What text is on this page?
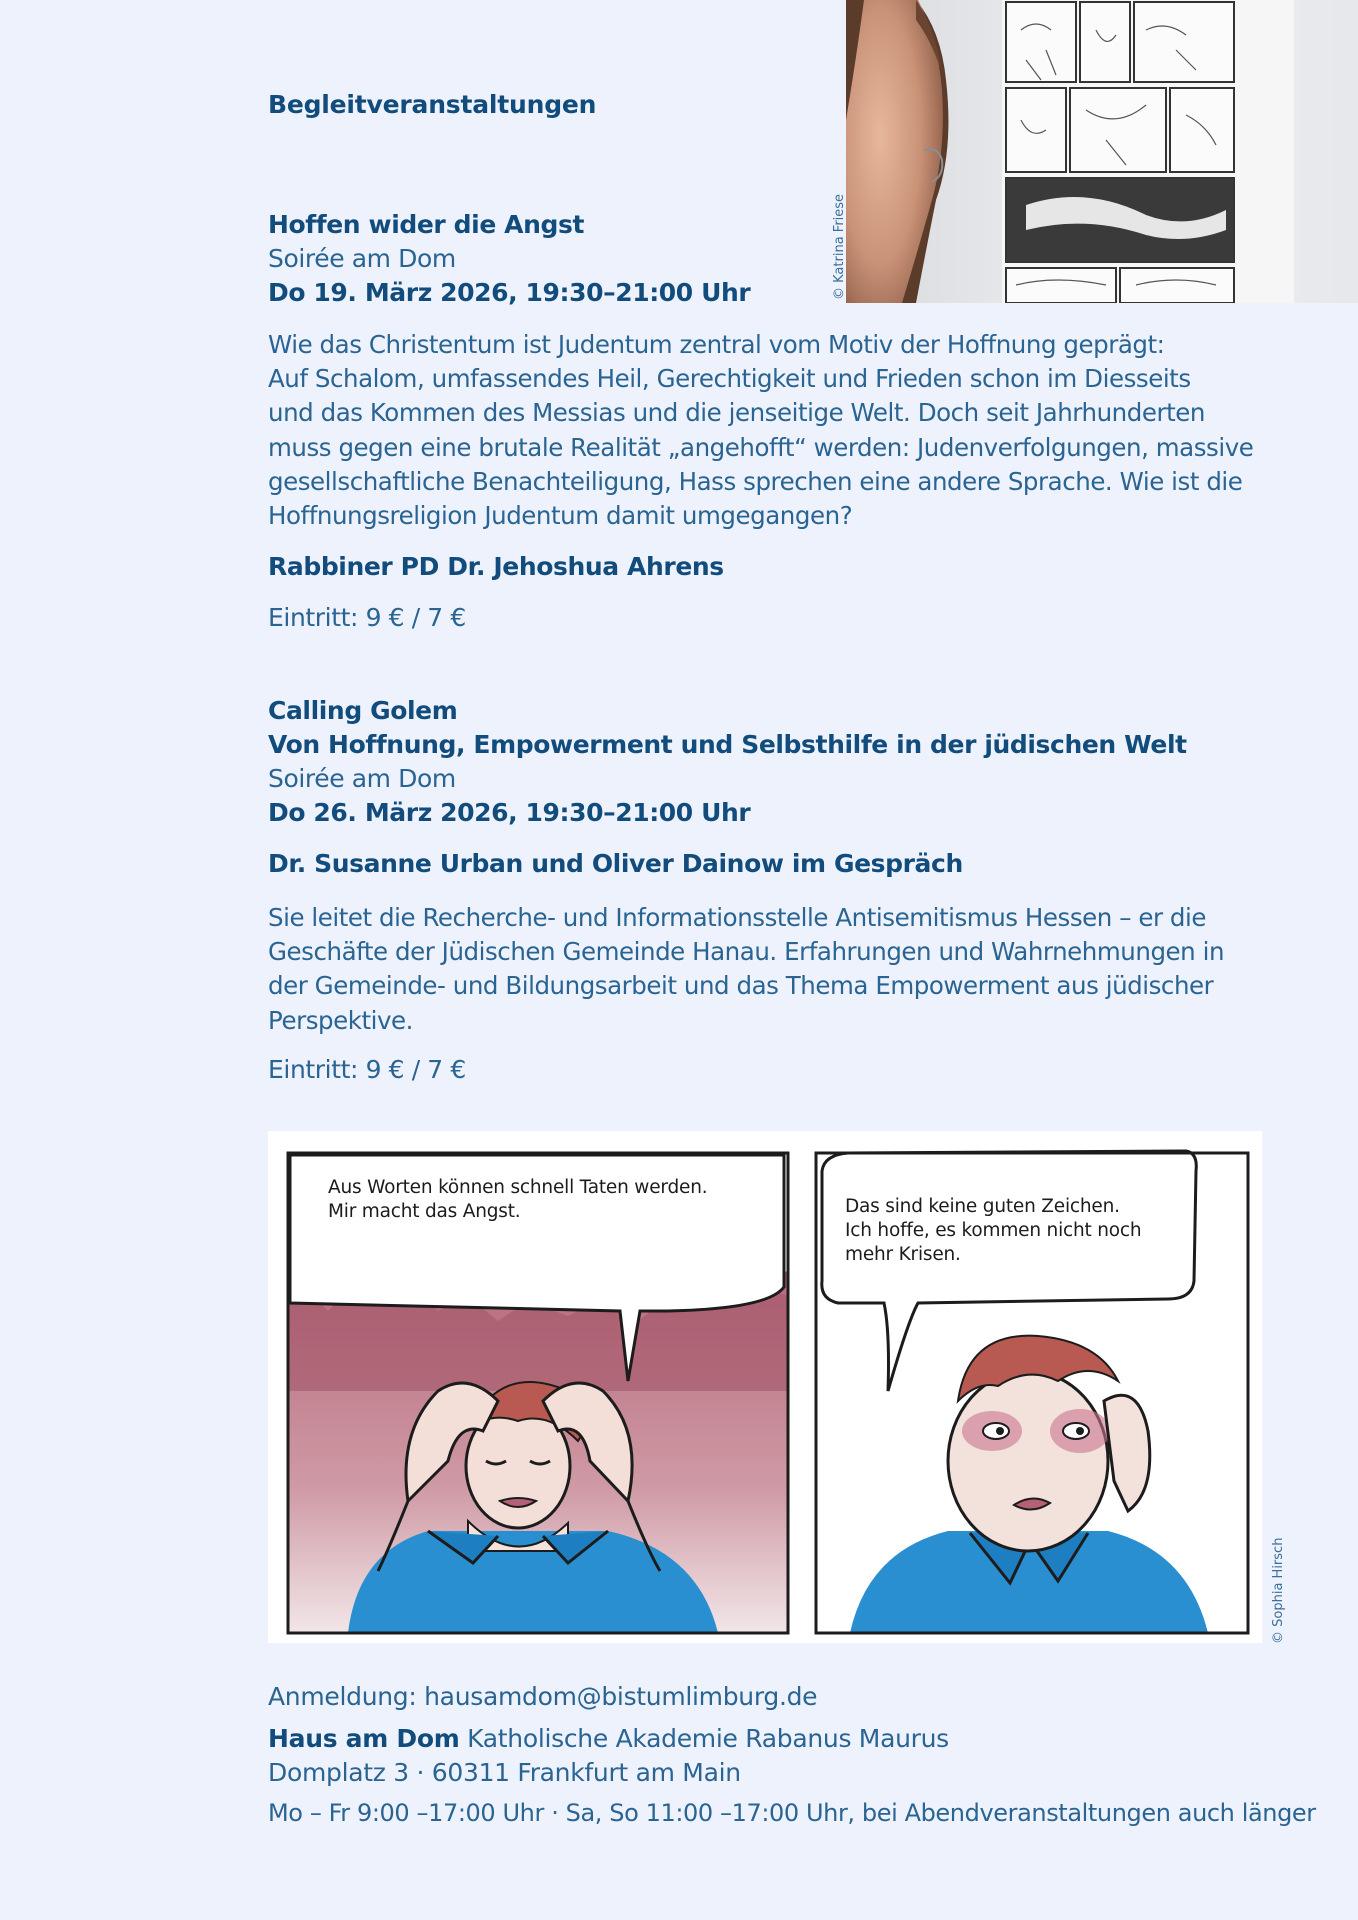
Begleitveranstaltungen
© Katrina Friese
Hoffen wider die Angst
Soirée am Dom
Do 19. März 2026, 19:30–21:00 Uhr
Wie das Christentum ist Judentum zentral vom Motiv der Hoffnung geprägt:
Auf Schalom, umfassendes Heil, Gerechtigkeit und Frieden schon im Diesseits
und das Kommen des Messias und die jenseitige Welt. Doch seit Jahrhunderten
muss gegen eine brutale Realität „angehofft“ werden: Judenverfolgungen, massive
gesellschaftliche Benachteiligung, Hass sprechen eine andere Sprache. Wie ist die
Hoffnungsreligion Judentum damit umgegangen?
Rabbiner PD Dr. Jehoshua Ahrens
Eintritt: 9 € / 7 €
Calling Golem
Von Hoffnung, Empowerment und Selbsthilfe in der jüdischen Welt
Soirée am Dom
Do 26. März 2026, 19:30–21:00 Uhr
Dr. Susanne Urban und Oliver Dainow im Gespräch
Sie leitet die Recherche- und Informationsstelle Antisemitismus Hessen – er die
Geschäfte der Jüdischen Gemeinde Hanau. Erfahrungen und Wahrnehmungen in
der Gemeinde- und Bildungsarbeit und das Thema Empowerment aus jüdischer
Perspektive.
Eintritt: 9 € / 7 €
Aus Worten können schnell Taten werden.
Mir macht das Angst.	Das sind keine guten Zeichen.
Ich hoffe, es kommen nicht noch
mehr Krisen.
© Sophia Hirsch
Anmeldung: hausamdom@bistumlimburg.de
Haus am Dom Katholische Akademie Rabanus Maurus
Domplatz 3 · 60311 Frankfurt am Main
Mo – Fr 9:00 –17:00 Uhr · Sa, So 11:00 –17:00 Uhr, bei Abendveranstaltungen auch länger
